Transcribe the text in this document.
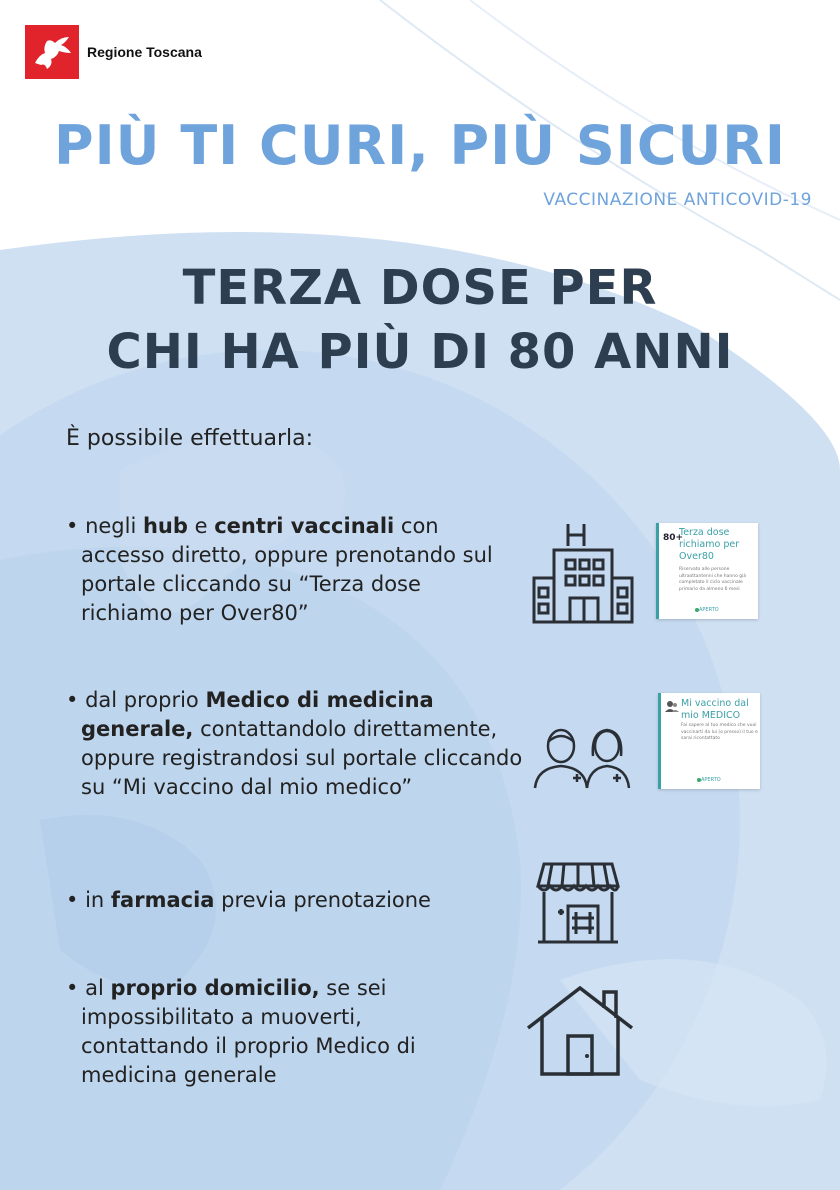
Regione Toscana
PIÙ TI CURI, PIÙ SICURI
VACCINAZIONE ANTICOVID-19
TERZA DOSE PER
CHI HA PIÙ DI 80 ANNI
È possibile effettuarla:
• negli hub e centri vaccinali con accesso diretto, oppure prenotando sul portale cliccando su “Terza dose richiamo per Over80”
• dal proprio Medico di medicina generale, contattandolo direttamente, oppure registrandosi sul portale cliccando su “Mi vaccino dal mio medico”
• in farmacia previa prenotazione
• al proprio domicilio, se sei impossibilitato a muoverti, contattando il proprio Medico di medicina generale
80+
Terza dose richiamo per Over80
Riservato alle persone ultraottantenni che hanno già completato il ciclo vaccinale primario da almeno 6 mesi
APERTO
Mi vaccino dal mio MEDICO
Fai sapere al tuo medico che vuoi vaccinarti da lui (o presso) il tuo e sarai ricontattato
APERTO
